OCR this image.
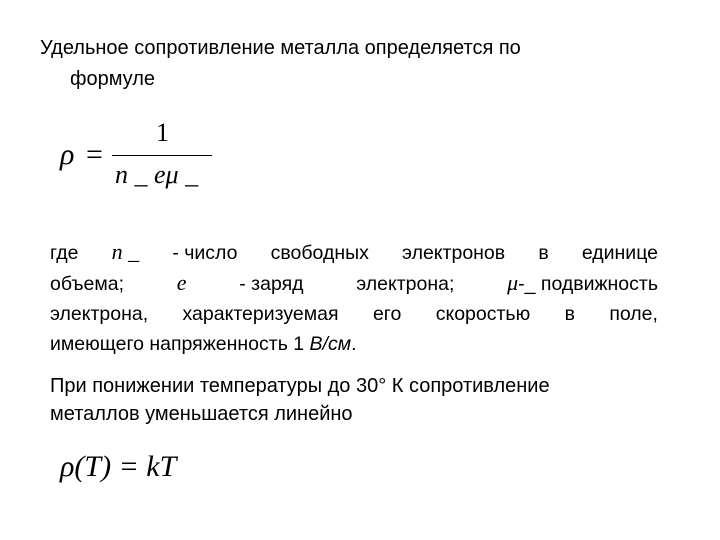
Удельное сопротивление металла определяется по
формуле
ρ =
1
n _ eμ _
где n _ - число свободных электронов в единице
объема; e	- заряд	электрона; μ-_ подвижность
электрона, характеризуемая его скоростью в поле,
имеющего напряженность 1 В/см .
При понижении температуры до 30° К сопротивление
металлов уменьшается линейно
ρ(T) = kT
